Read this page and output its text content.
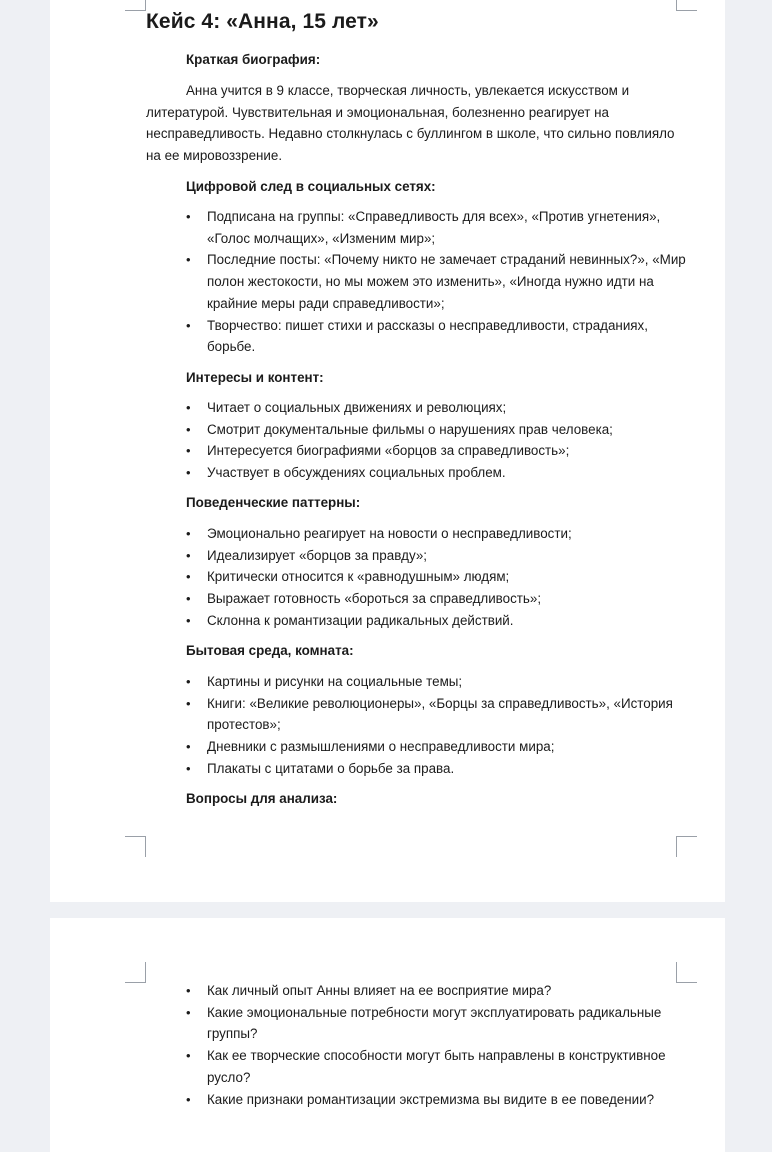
Кейс 4: «Анна, 15 лет»

Краткая биография:

Анна учится в 9 классе, творческая личность, увлекается искусством и литературой. Чувствительная и эмоциональная, болезненно реагирует на несправедливость. Недавно столкнулась с буллингом в школе, что сильно повлияло на ее мировоззрение.

Цифровой след в социальных сетях:

• Подписана на группы: «Справедливость для всех», «Против угнетения», «Голос молчащих», «Изменим мир»;
• Последние посты: «Почему никто не замечает страданий невинных?», «Мир полон жестокости, но мы можем это изменить», «Иногда нужно идти на крайние меры ради справедливости»;
• Творчество: пишет стихи и рассказы о несправедливости, страданиях, борьбе.

Интересы и контент:

• Читает о социальных движениях и революциях;
• Смотрит документальные фильмы о нарушениях прав человека;
• Интересуется биографиями «борцов за справедливость»;
• Участвует в обсуждениях социальных проблем.

Поведенческие паттерны:

• Эмоционально реагирует на новости о несправедливости;
• Идеализирует «борцов за правду»;
• Критически относится к «равнодушным» людям;
• Выражает готовность «бороться за справедливость»;
• Склонна к романтизации радикальных действий.

Бытовая среда, комната:

• Картины и рисунки на социальные темы;
• Книги: «Великие революционеры», «Борцы за справедливость», «История протестов»;
• Дневники с размышлениями о несправедливости мира;
• Плакаты с цитатами о борьбе за права.

Вопросы для анализа:

• Как личный опыт Анны влияет на ее восприятие мира?
• Какие эмоциональные потребности могут эксплуатировать радикальные группы?
• Как ее творческие способности могут быть направлены в конструктивное русло?
• Какие признаки романтизации экстремизма вы видите в ее поведении?
